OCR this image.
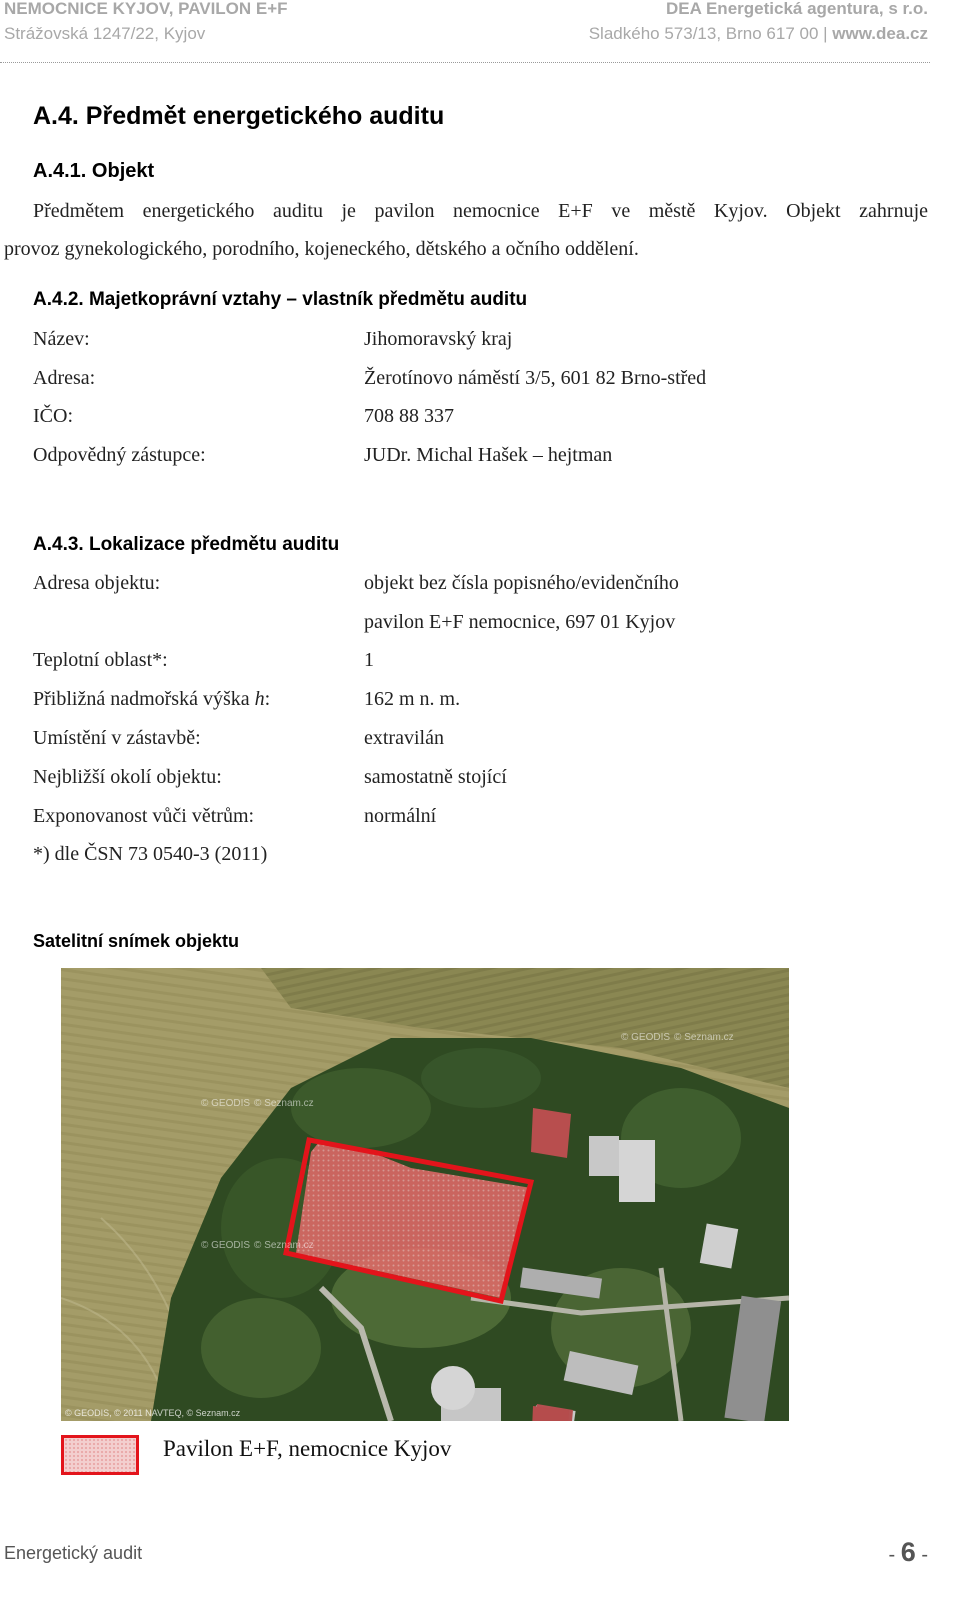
NEMOCNICE KYJOV, PAVILON E+F
Strážovská 1247/22, Kyjov
DEA Energetická agentura, s r.o.
Sladkého 573/13, Brno 617 00 | www.dea.cz
A.4. Předmět energetického auditu
A.4.1. Objekt
Předmětem energetického auditu je pavilon nemocnice E+F ve městě Kyjov. Objekt zahrnuje
provoz gynekologického, porodního, kojeneckého, dětského a očního oddělení.
A.4.2. Majetkoprávní vztahy – vlastník předmětu auditu
Název:	Jihomoravský kraj
Adresa:	Žerotínovo náměstí 3/5, 601 82 Brno-střed
IČO:	708 88 337
Odpovědný zástupce:	JUDr. Michal Hašek – hejtman
A.4.3. Lokalizace předmětu auditu
Adresa objektu:	objekt bez čísla popisného/evidenčního
pavilon E+F nemocnice, 697 01 Kyjov
Teplotní oblast*:	1
Přibližná nadmořská výška h:	162 m n. m.
Umístění v zástavbě:	extravilán
Nejbližší okolí objektu:	samostatně stojící
Exponovanost vůči větrům:	normální
*) dle ČSN 73 0540-3 (2011)
Satelitní snímek objektu
© GEODIS © Seznam.cz
© GEODIS © Seznam.cz
© GEODIS © Seznam.cz
© GEODIS, © 2011 NAVTEQ, © Seznam.cz
Pavilon E+F, nemocnice Kyjov
Energetický audit	- 6 -
